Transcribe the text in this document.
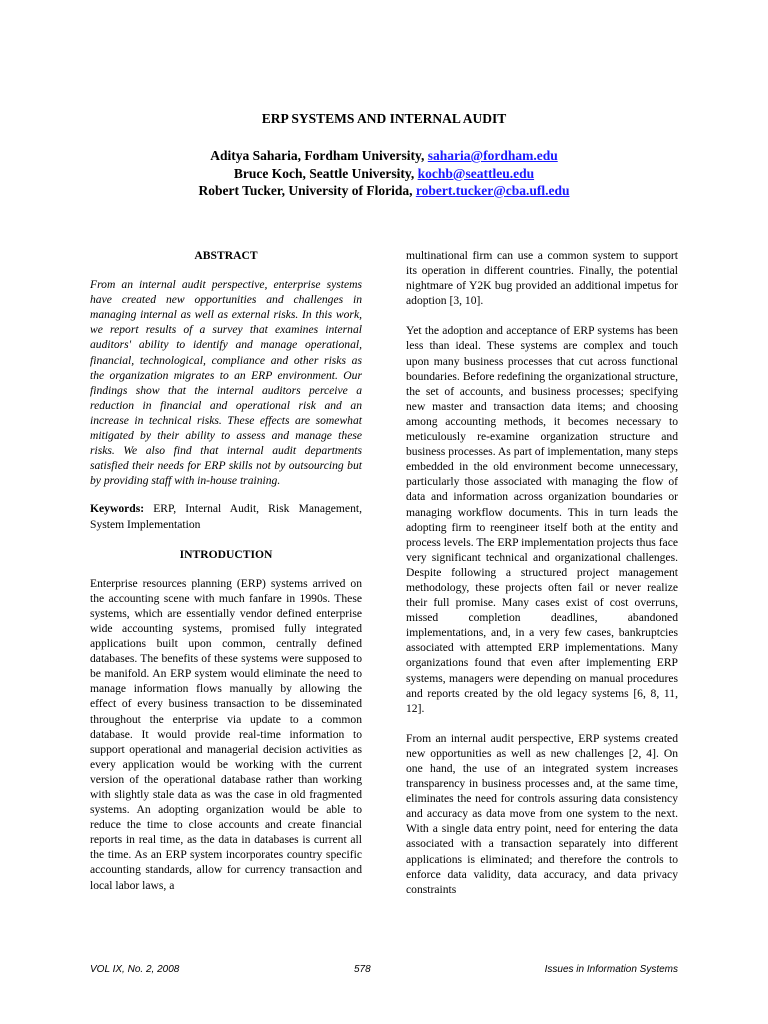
ERP SYSTEMS AND INTERNAL AUDIT
Aditya Saharia, Fordham University, saharia@fordham.edu
Bruce Koch, Seattle University, kochb@seattleu.edu
Robert Tucker, University of Florida, robert.tucker@cba.ufl.edu
ABSTRACT
From an internal audit perspective, enterprise systems have created new opportunities and challenges in managing internal as well as external risks. In this work, we report results of a survey that examines internal auditors' ability to identify and manage operational, financial, technological, compliance and other risks as the organization migrates to an ERP environment. Our findings show that the internal auditors perceive a reduction in financial and operational risk and an increase in technical risks. These effects are somewhat mitigated by their ability to assess and manage these risks. We also find that internal audit departments satisfied their needs for ERP skills not by outsourcing but by providing staff with in-house training.

Keywords: ERP, Internal Audit, Risk Management, System Implementation

INTRODUCTION

Enterprise resources planning (ERP) systems arrived on the accounting scene with much fanfare in 1990s. These systems, which are essentially vendor defined enterprise wide accounting systems, promised fully integrated applications built upon common, centrally defined databases. The benefits of these systems were supposed to be manifold. An ERP system would eliminate the need to manage information flows manually by allowing the effect of every business transaction to be disseminated throughout the enterprise via update to a common database. It would provide real-time information to support operational and managerial decision activities as every application would be working with the current version of the operational database rather than working with slightly stale data as was the case in old fragmented systems. An adopting organization would be able to reduce the time to close accounts and create financial reports in real time, as the data in databases is current all the time. As an ERP system incorporates country specific accounting standards, allow for currency transaction and local labor laws, a

multinational firm can use a common system to support its operation in different countries. Finally, the potential nightmare of Y2K bug provided an additional impetus for adoption [3, 10].

Yet the adoption and acceptance of ERP systems has been less than ideal. These systems are complex and touch upon many business processes that cut across functional boundaries. Before redefining the organizational structure, the set of accounts, and business processes; specifying new master and transaction data items; and choosing among accounting methods, it becomes necessary to meticulously re-examine organization structure and business processes. As part of implementation, many steps embedded in the old environment become unnecessary, particularly those associated with managing the flow of data and information across organization boundaries or managing workflow documents. This in turn leads the adopting firm to reengineer itself both at the entity and process levels. The ERP implementation projects thus face very significant technical and organizational challenges. Despite following a structured project management methodology, these projects often fail or never realize their full promise. Many cases exist of cost overruns, missed completion deadlines, abandoned implementations, and, in a very few cases, bankruptcies associated with attempted ERP implementations. Many organizations found that even after implementing ERP systems, managers were depending on manual procedures and reports created by the old legacy systems [6, 8, 11, 12].

From an internal audit perspective, ERP systems created new opportunities as well as new challenges [2, 4]. On one hand, the use of an integrated system increases transparency in business processes and, at the same time, eliminates the need for controls assuring data consistency and accuracy as data move from one system to the next. With a single data entry point, need for entering the data associated with a transaction separately into different applications is eliminated; and therefore the controls to enforce data validity, data accuracy, and data privacy constraints

VOL IX, No. 2, 2008	578	Issues in Information Systems
